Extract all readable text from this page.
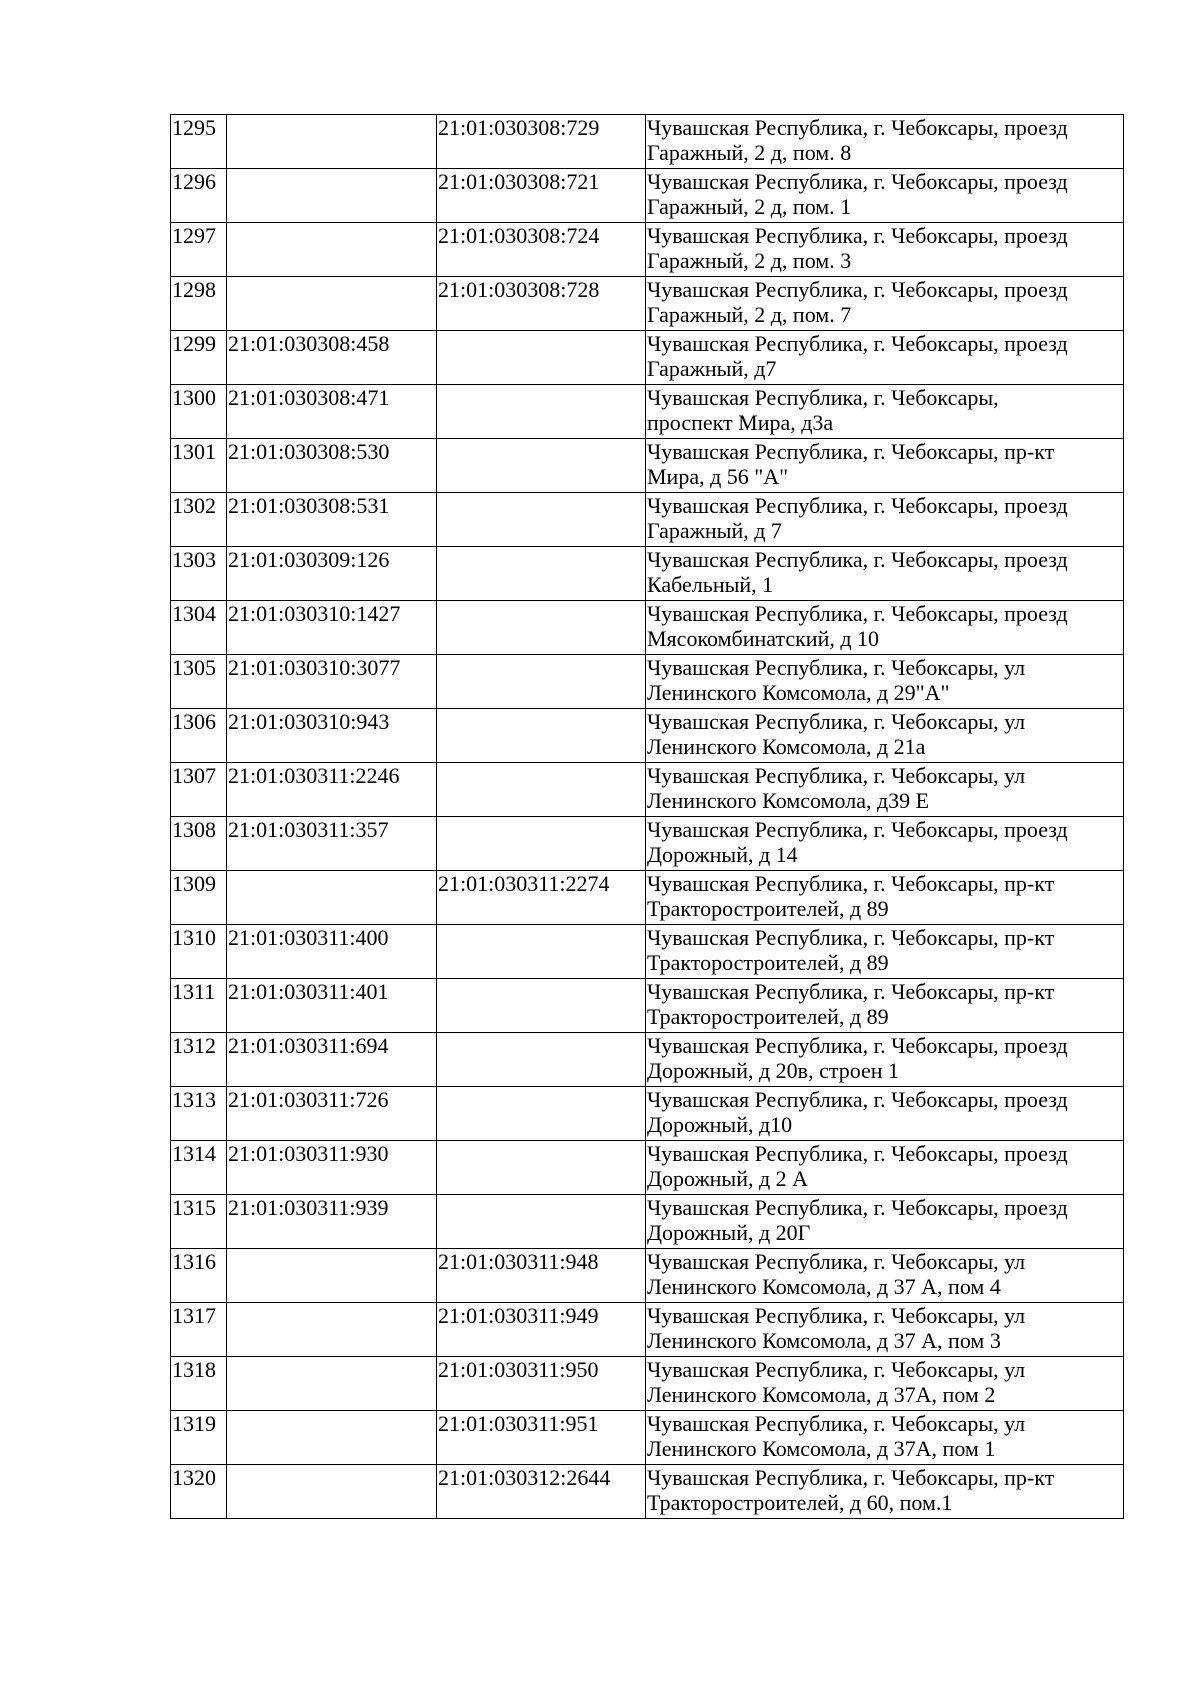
1295		21:01:030308:729	Чувашская Республика, г. Чебоксары, проезд
Гаражный, 2 д, пом. 8

1296		21:01:030308:721	Чувашская Республика, г. Чебоксары, проезд
Гаражный, 2 д, пом. 1

1297		21:01:030308:724	Чувашская Республика, г. Чебоксары, проезд
Гаражный, 2 д, пом. 3

1298		21:01:030308:728	Чувашская Республика, г. Чебоксары, проезд
Гаражный, 2 д, пом. 7

1299	21:01:030308:458		Чувашская Республика, г. Чебоксары, проезд
Гаражный, д7

1300	21:01:030308:471		Чувашская Республика, г. Чебоксары,
проспект Мира, д3а

1301	21:01:030308:530		Чувашская Республика, г. Чебоксары, пр-кт
Мира, д 56 "А"

1302	21:01:030308:531		Чувашская Республика, г. Чебоксары, проезд
Гаражный, д 7

1303	21:01:030309:126		Чувашская Республика, г. Чебоксары, проезд
Кабельный, 1

1304	21:01:030310:1427		Чувашская Республика, г. Чебоксары, проезд
Мясокомбинатский, д 10

1305	21:01:030310:3077		Чувашская Республика, г. Чебоксары, ул
Ленинского Комсомола, д 29"А"

1306	21:01:030310:943		Чувашская Республика, г. Чебоксары, ул
Ленинского Комсомола, д 21а

1307	21:01:030311:2246		Чувашская Республика, г. Чебоксары, ул
Ленинского Комсомола, д39 Е

1308	21:01:030311:357		Чувашская Республика, г. Чебоксары, проезд
Дорожный, д 14

1309		21:01:030311:2274	Чувашская Республика, г. Чебоксары, пр-кт
Тракторостроителей, д 89

1310	21:01:030311:400		Чувашская Республика, г. Чебоксары, пр-кт
Тракторостроителей, д 89

1311	21:01:030311:401		Чувашская Республика, г. Чебоксары, пр-кт
Тракторостроителей, д 89

1312	21:01:030311:694		Чувашская Республика, г. Чебоксары, проезд
Дорожный, д 20в, строен 1

1313	21:01:030311:726		Чувашская Республика, г. Чебоксары, проезд
Дорожный, д10

1314	21:01:030311:930		Чувашская Республика, г. Чебоксары, проезд
Дорожный, д 2 А

1315	21:01:030311:939		Чувашская Республика, г. Чебоксары, проезд
Дорожный, д 20Г

1316		21:01:030311:948	Чувашская Республика, г. Чебоксары, ул
Ленинского Комсомола, д 37 А, пом 4

1317		21:01:030311:949	Чувашская Республика, г. Чебоксары, ул
Ленинского Комсомола, д 37 А, пом 3

1318		21:01:030311:950	Чувашская Республика, г. Чебоксары, ул
Ленинского Комсомола, д 37А, пом 2

1319		21:01:030311:951	Чувашская Республика, г. Чебоксары, ул
Ленинского Комсомола, д 37А, пом 1

1320		21:01:030312:2644	Чувашская Республика, г. Чебоксары, пр-кт
Тракторостроителей, д 60, пом.1
